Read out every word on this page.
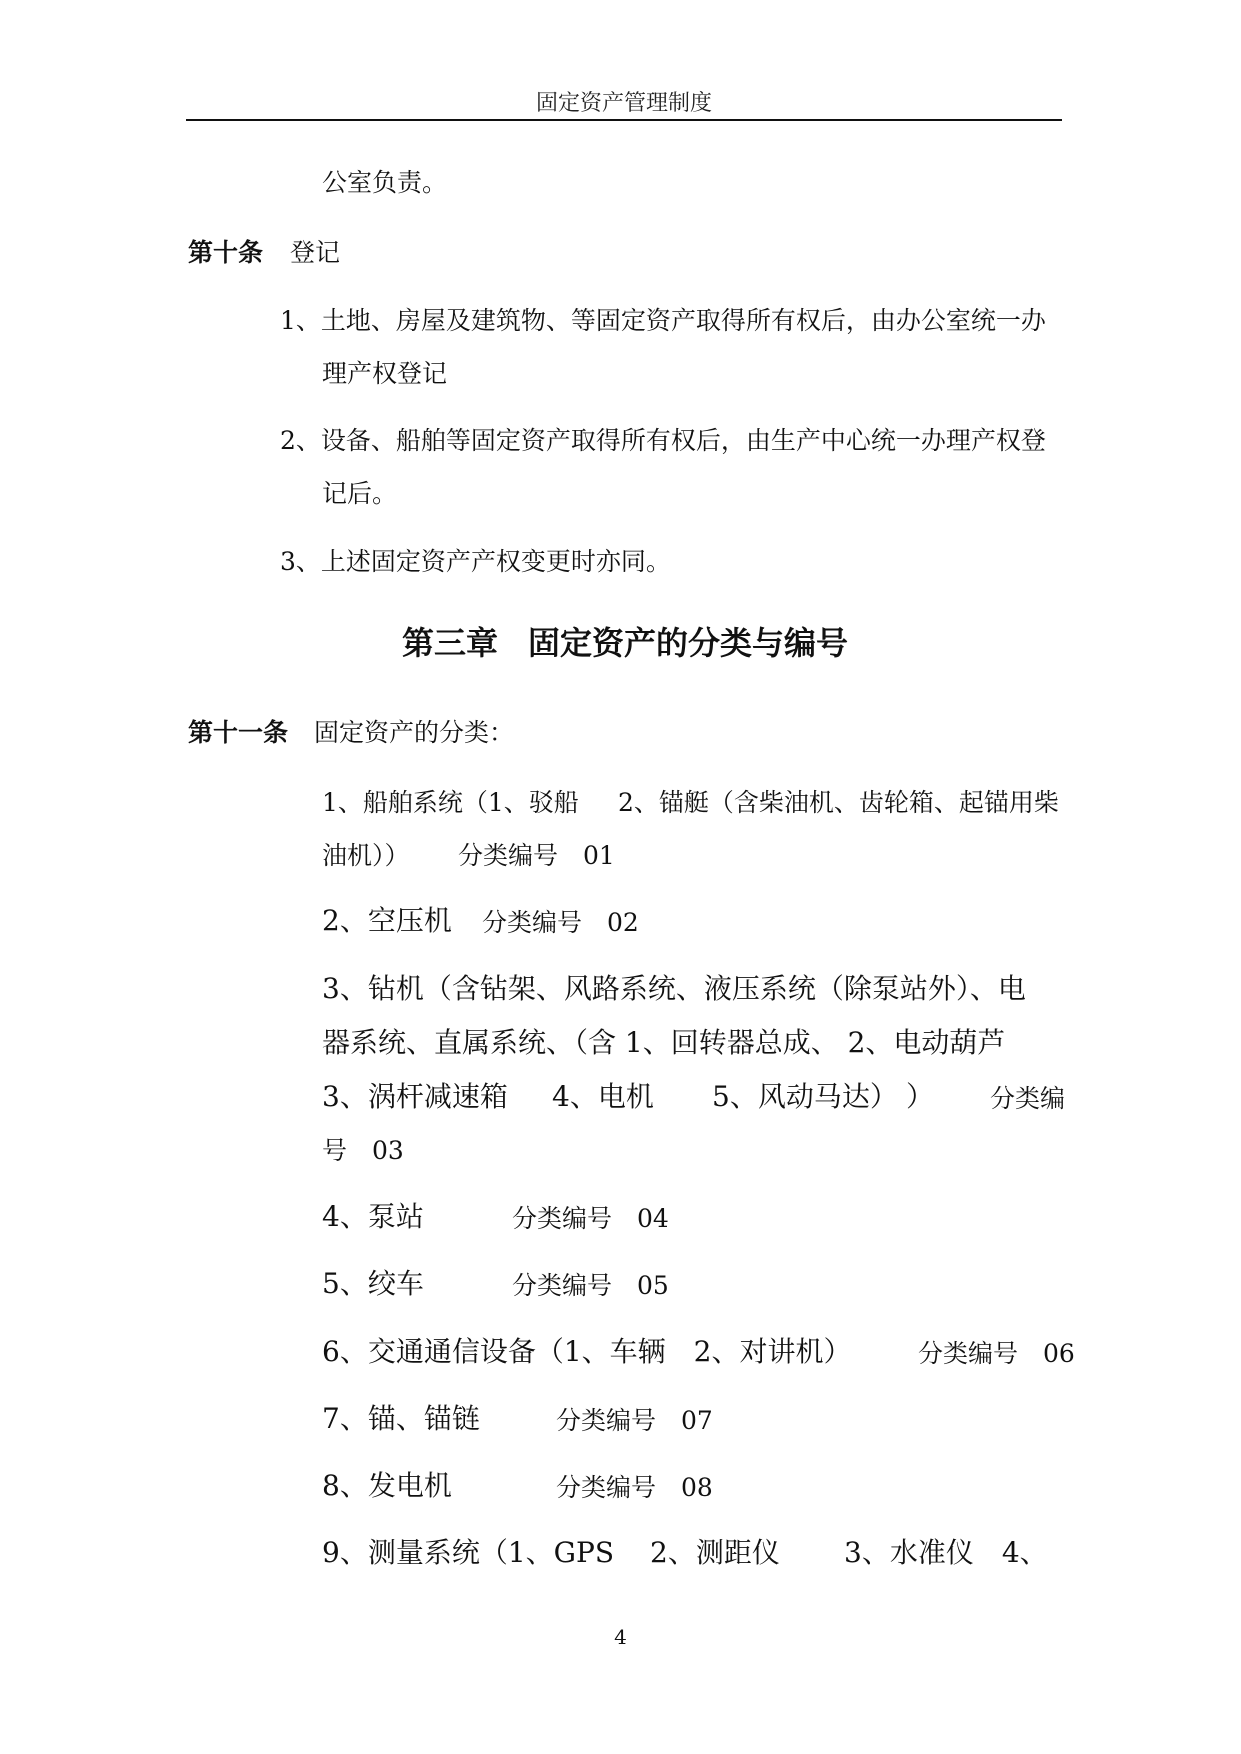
固定资产管理制度
公室负责。
第十条 登记
1、土地、房屋及建筑物、等固定资产取得所有权后，由办公室统一办
理产权登记
2、设备、船舶等固定资产取得所有权后，由生产中心统一办理产权登
记后。
3、上述固定资产产权变更时亦同。
第三章 固定资产的分类与编号
第十一条 固定资产的分类：
1、船舶系统（1、驳船 2、锚艇（含柴油机、齿轮箱、起锚用柴
油机）） 分类编号　01
2、空压机 分类编号　02
3、钻机（含钻架、风路系统、液压系统（除泵站外）、电
器系统、直属系统、（含 1、回转器总成、 2、电动葫芦
3、涡杆减速箱 4、电机 5、风动马达） ） 分类编
号　03
4、泵站	分类编号　04
5、绞车	分类编号　05
6、交通通信设备（1、车辆　2、对讲机）	分类编号　06
7、锚、锚链	分类编号　07
8、发电机	分类编号　08
9、测量系统（1、GPS 2、测距仪 3、水准仪　4、
4
